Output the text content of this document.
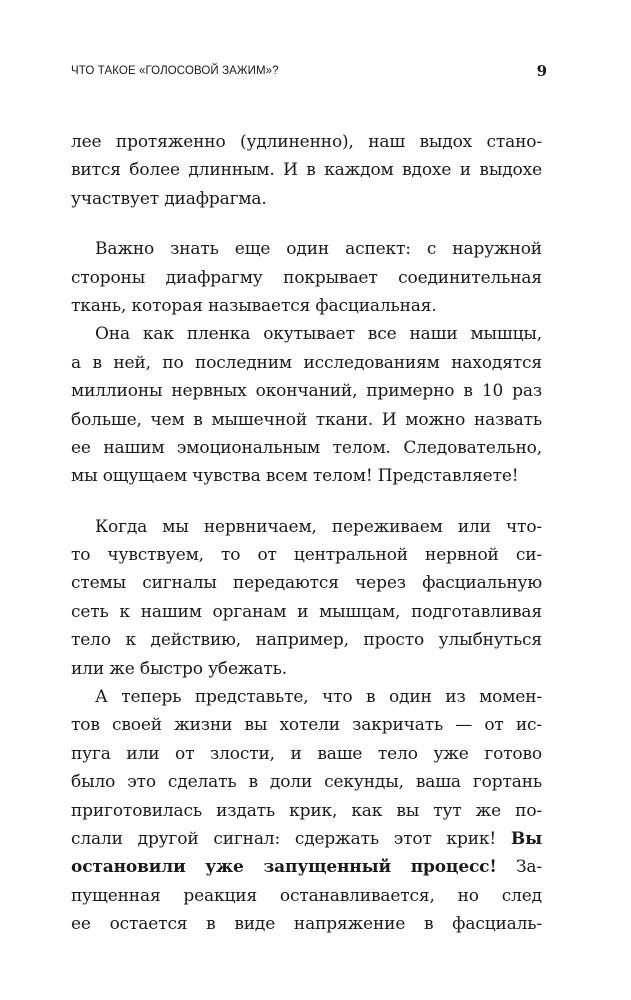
ЧТО ТАКОЕ «ГОЛОСОВОЙ ЗАЖИМ»?	9
лее протяженно (удлиненно), наш выдох стано-
вится более длинным. И в каждом вдохе и выдохе
участвует диафрагма.
Важно знать еще один аспект: с наружной
стороны диафрагму покрывает соединительная
ткань, которая называется фасциальная.
Она как пленка окутывает все наши мышцы,
а в ней, по последним исследованиям находятся
миллионы нервных окончаний, примерно в 10 раз
больше, чем в мышечной ткани. И можно назвать
ее нашим эмоциональным телом. Следовательно,
мы ощущаем чувства всем телом! Представляете!
Когда мы нервничаем, переживаем или что-
то чувствуем, то от центральной нервной си-
стемы сигналы передаются через фасциальную
сеть к нашим органам и мышцам, подготавливая
тело к действию, например, просто улыбнуться
или же быстро убежать.
А теперь представьте, что в один из момен-
тов своей жизни вы хотели закричать — от ис-
пуга или от злости, и ваше тело уже готово
было это сделать в доли секунды, ваша гортань
приготовилась издать крик, как вы тут же по-
слали другой сигнал: сдержать этот крик! Вы
остановили уже запущенный процесс! За-
пущенная реакция останавливается, но след
ее остается в виде напряжение в фасциаль-
